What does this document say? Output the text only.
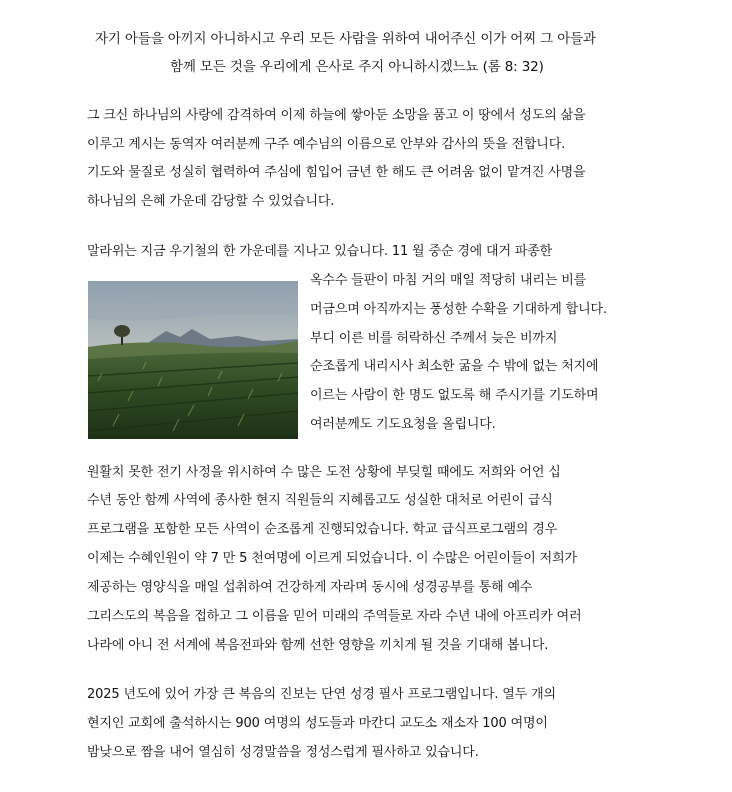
자기 아들을 아끼지 아니하시고 우리 모든 사람을 위하여 내어주신 이가 어찌 그 아들과
함께 모든 것을 우리에게 은사로 주지 아니하시겠느뇨 (롬 8: 32)
그 크신 하나님의 사랑에 감격하여 이제 하늘에 쌓아둔 소망을 품고 이 땅에서 성도의 삶을
이루고 계시는 동역자 여러분께 구주 예수님의 이름으로 안부와 감사의 뜻을 전합니다.
기도와 물질로 성실히 협력하여 주심에 힘입어 금년 한 해도 큰 어려움 없이 맡겨진 사명을
하나님의 은혜 가운데 감당할 수 있었습니다.
말라위는 지금 우기철의 한 가운데를 지나고 있습니다. 11 월 중순 경에 대거 파종한
옥수수 들판이 마침 거의 매일 적당히 내리는 비를
머금으며 아직까지는 풍성한 수확을 기대하게 합니다.
부디 이른 비를 허락하신 주께서 늦은 비까지
순조롭게 내리시사 최소한 굶을 수 밖에 없는 처지에
이르는 사람이 한 명도 없도록 해 주시기를 기도하며
여러분께도 기도요청을 올립니다.
원활치 못한 전기 사정을 위시하여 수 많은 도전 상황에 부딪힐 때에도 저희와 어언 십
수년 동안 함께 사역에 종사한 현지 직원들의 지혜롭고도 성실한 대처로 어린이 급식
프로그램을 포함한 모든 사역이 순조롭게 진행되었습니다. 학교 급식프로그램의 경우
이제는 수혜인원이 약 7 만 5 천여명에 이르게 되었습니다. 이 수많은 어린이들이 저희가
제공하는 영양식을 매일 섭취하여 건강하게 자라며 동시에 성경공부를 통해 예수
그리스도의 복음을 접하고 그 이름을 믿어 미래의 주역들로 자라 수년 내에 아프리카 여러
나라에 아니 전 서계에 복음전파와 함께 선한 영향을 끼치게 될 것을 기대해 봅니다.
2025 년도에 있어 가장 큰 복음의 진보는 단연 성경 필사 프로그램입니다. 열두 개의
현지인 교회에 출석하시는 900 여명의 성도들과 마칸디 교도소 재소자 100 여명이
밤낮으로 짬을 내어 열심히 성경말씀을 정성스럽게 필사하고 있습니다.
